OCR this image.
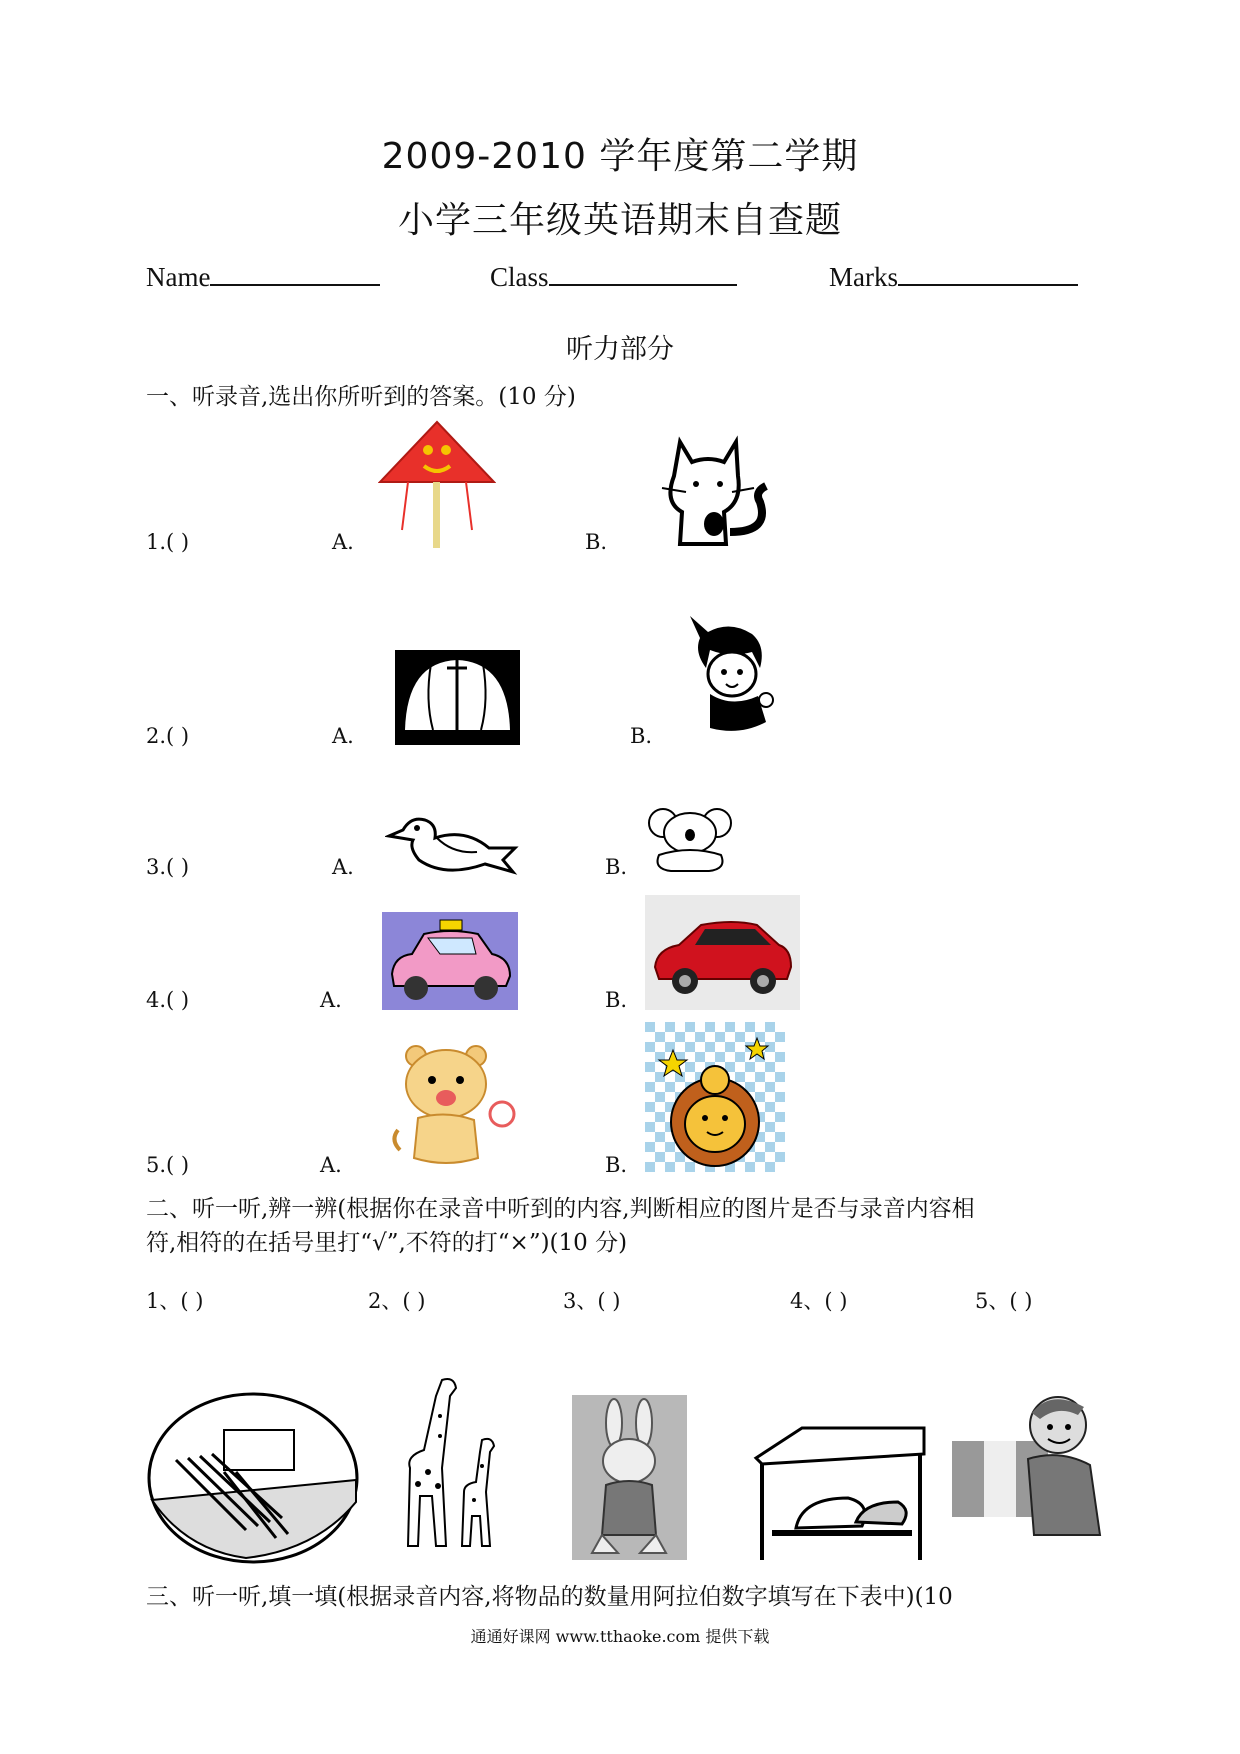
2009-2010 学年度第二学期
小学三年级英语期末自查题
Name	Class	Marks
听力部分
一、听录音,选出你所听到的答案。(10 分)
1.( )	A.	B.
2.( )	A.	B.
3.( )	A.	B.
4.( )	A.	B.
5.( )	A.	B.
二、听一听,辨一辨(根据你在录音中听到的内容,判断相应的图片是否与录音内容相
符,相符的在括号里打“√”,不符的打“×”)(10 分)
1、( )	2、( )	3、( )	4、( )	5、( )
三、听一听,填一填(根据录音内容,将物品的数量用阿拉伯数字填写在下表中)(10
通通好课网 www.tthaoke.com 提供下载
